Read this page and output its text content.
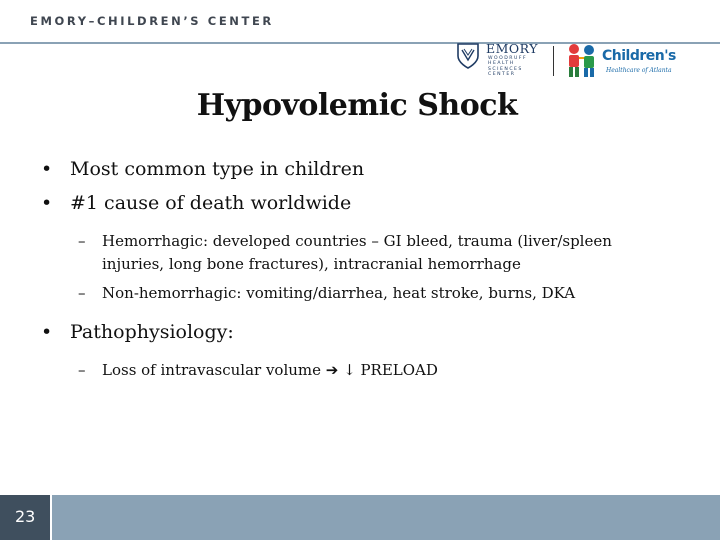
EMORY–CHILDREN’S CENTER
EMORY
WOODRUFF
HEALTH
SCIENCES
CENTER
Children's
Healthcare of Atlanta
Hypovolemic Shock
• Most common type in children
• #1 cause of death worldwide
– Hemorrhagic: developed countries – GI bleed, trauma (liver/spleen injuries, long bone fractures), intracranial hemorrhage
– Non-hemorrhagic: vomiting/diarrhea, heat stroke, burns, DKA
• Pathophysiology:
– Loss of intravascular volume ➔ ↓ PRELOAD
23
